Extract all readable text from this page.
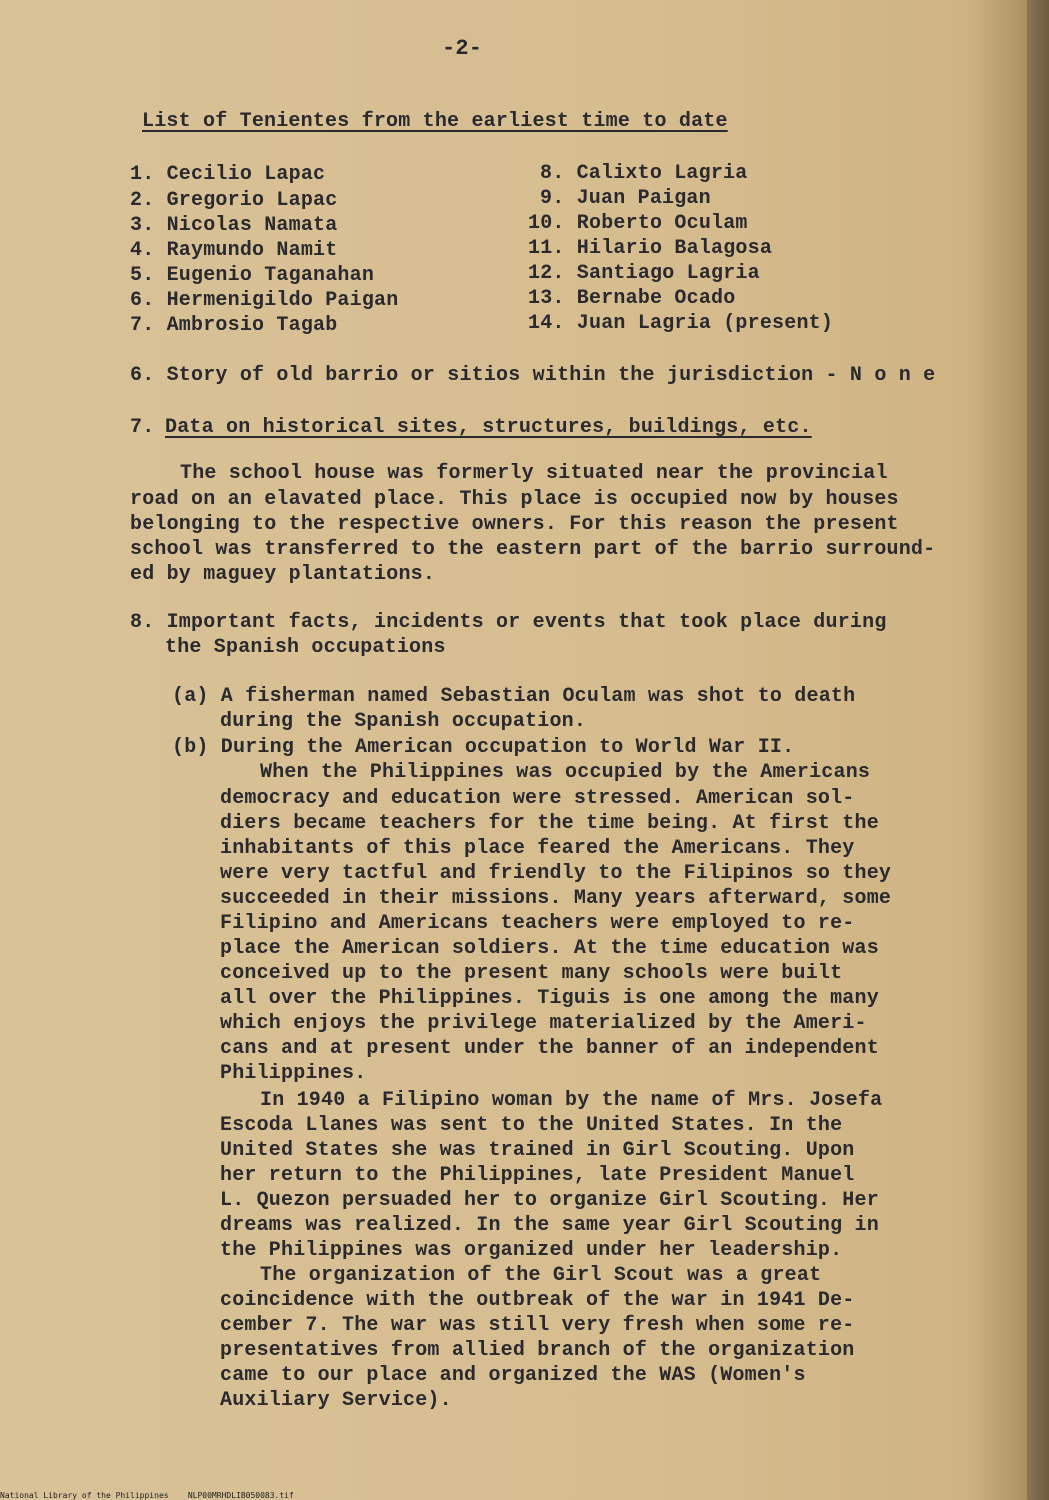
-2-
List of Tenientes from the earliest time to date
1. Cecilio Lapac
2. Gregorio Lapac
3. Nicolas Namata
4. Raymundo Namit
5. Eugenio Taganahan
6. Hermenigildo Paigan
7. Ambrosio Tagab
8. Calixto Lagria
9. Juan Paigan
10. Roberto Oculam
11. Hilario Balagosa
12. Santiago Lagria
13. Bernabe Ocado
14. Juan Lagria (present)
6. Story of old barrio or sitios within the jurisdiction - N o n e
7. Data on historical sites, structures, buildings, etc.
The school house was formerly situated near the provincial
road on an elavated place. This place is occupied now by houses
belonging to the respective owners. For this reason the present
school was transferred to the eastern part of the barrio surround-
ed by maguey plantations.
8. Important facts, incidents or events that took place during
the Spanish occupations
(a) A fisherman named Sebastian Oculam was shot to death
during the Spanish occupation.
(b) During the American occupation to World War II.
When the Philippines was occupied by the Americans
democracy and education were stressed. American sol-
diers became teachers for the time being. At first the
inhabitants of this place feared the Americans. They
were very tactful and friendly to the Filipinos so they
succeeded in their missions. Many years afterward, some
Filipino and Americans teachers were employed to re-
place the American soldiers. At the time education was
conceived up to the present many schools were built
all over the Philippines. Tiguis is one among the many
which enjoys the privilege materialized by the Ameri-
cans and at present under the banner of an independent
Philippines.
In 1940 a Filipino woman by the name of Mrs. Josefa
Escoda Llanes was sent to the United States. In the
United States she was trained in Girl Scouting. Upon
her return to the Philippines, late President Manuel
L. Quezon persuaded her to organize Girl Scouting. Her
dreams was realized. In the same year Girl Scouting in
the Philippines was organized under her leadership.
The organization of the Girl Scout was a great
coincidence with the outbreak of the war in 1941 De-
cember 7. The war was still very fresh when some re-
presentatives from allied branch of the organization
came to our place and organized the WAS (Women's
Auxiliary Service).
National Library of the Philippines    NLP00MRHDLIB050083.tif
